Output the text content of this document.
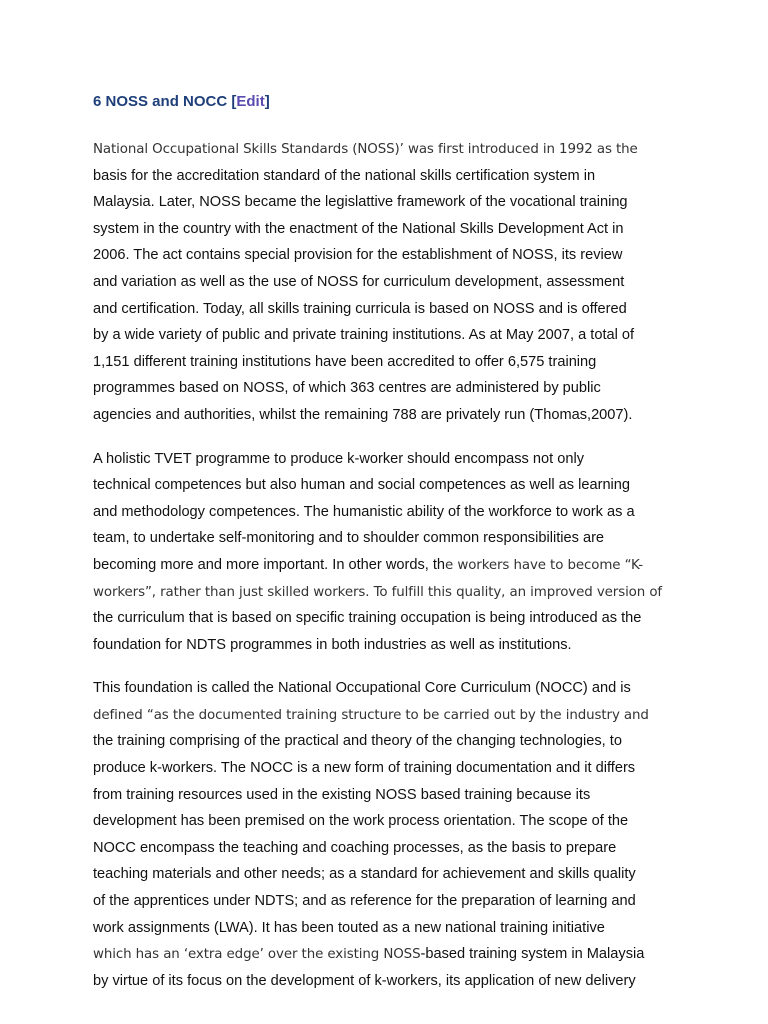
6 NOSS and NOCC [Edit]

National Occupational Skills Standards (NOSS)’ was first introduced in 1992 as the
basis for the accreditation standard of the national skills certification system in
Malaysia. Later, NOSS became the legislattive framework of the vocational training
system in the country with the enactment of the National Skills Development Act in
2006. The act contains special provision for the establishment of NOSS, its review
and variation as well as the use of NOSS for curriculum development, assessment
and certification. Today, all skills training curricula is based on NOSS and is offered
by a wide variety of public and private training institutions. As at May 2007, a total of
1,151 different training institutions have been accredited to offer 6,575 training
programmes based on NOSS, of which 363 centres are administered by public
agencies and authorities, whilst the remaining 788 are privately run (Thomas,2007).

A holistic TVET programme to produce k-worker should encompass not only
technical competences but also human and social competences as well as learning
and methodology competences. The humanistic ability of the workforce to work as a
team, to undertake self-monitoring and to shoulder common responsibilities are
becoming more and more important. In other words, the workers have to become “K-
workers”, rather than just skilled workers. To fulfill this quality, an improved version of
the curriculum that is based on specific training occupation is being introduced as the
foundation for NDTS programmes in both industries as well as institutions.

This foundation is called the National Occupational Core Curriculum (NOCC) and is
defined “as the documented training structure to be carried out by the industry and
the training comprising of the practical and theory of the changing technologies, to
produce k-workers. The NOCC is a new form of training documentation and it differs
from training resources used in the existing NOSS based training because its
development has been premised on the work process orientation. The scope of the
NOCC encompass the teaching and coaching processes, as the basis to prepare
teaching materials and other needs; as a standard for achievement and skills quality
of the apprentices under NDTS; and as reference for the preparation of learning and
work assignments (LWA). It has been touted as a new national training initiative
which has an ‘extra edge’ over the existing NOSS-based training system in Malaysia
by virtue of its focus on the development of k-workers, its application of new delivery
